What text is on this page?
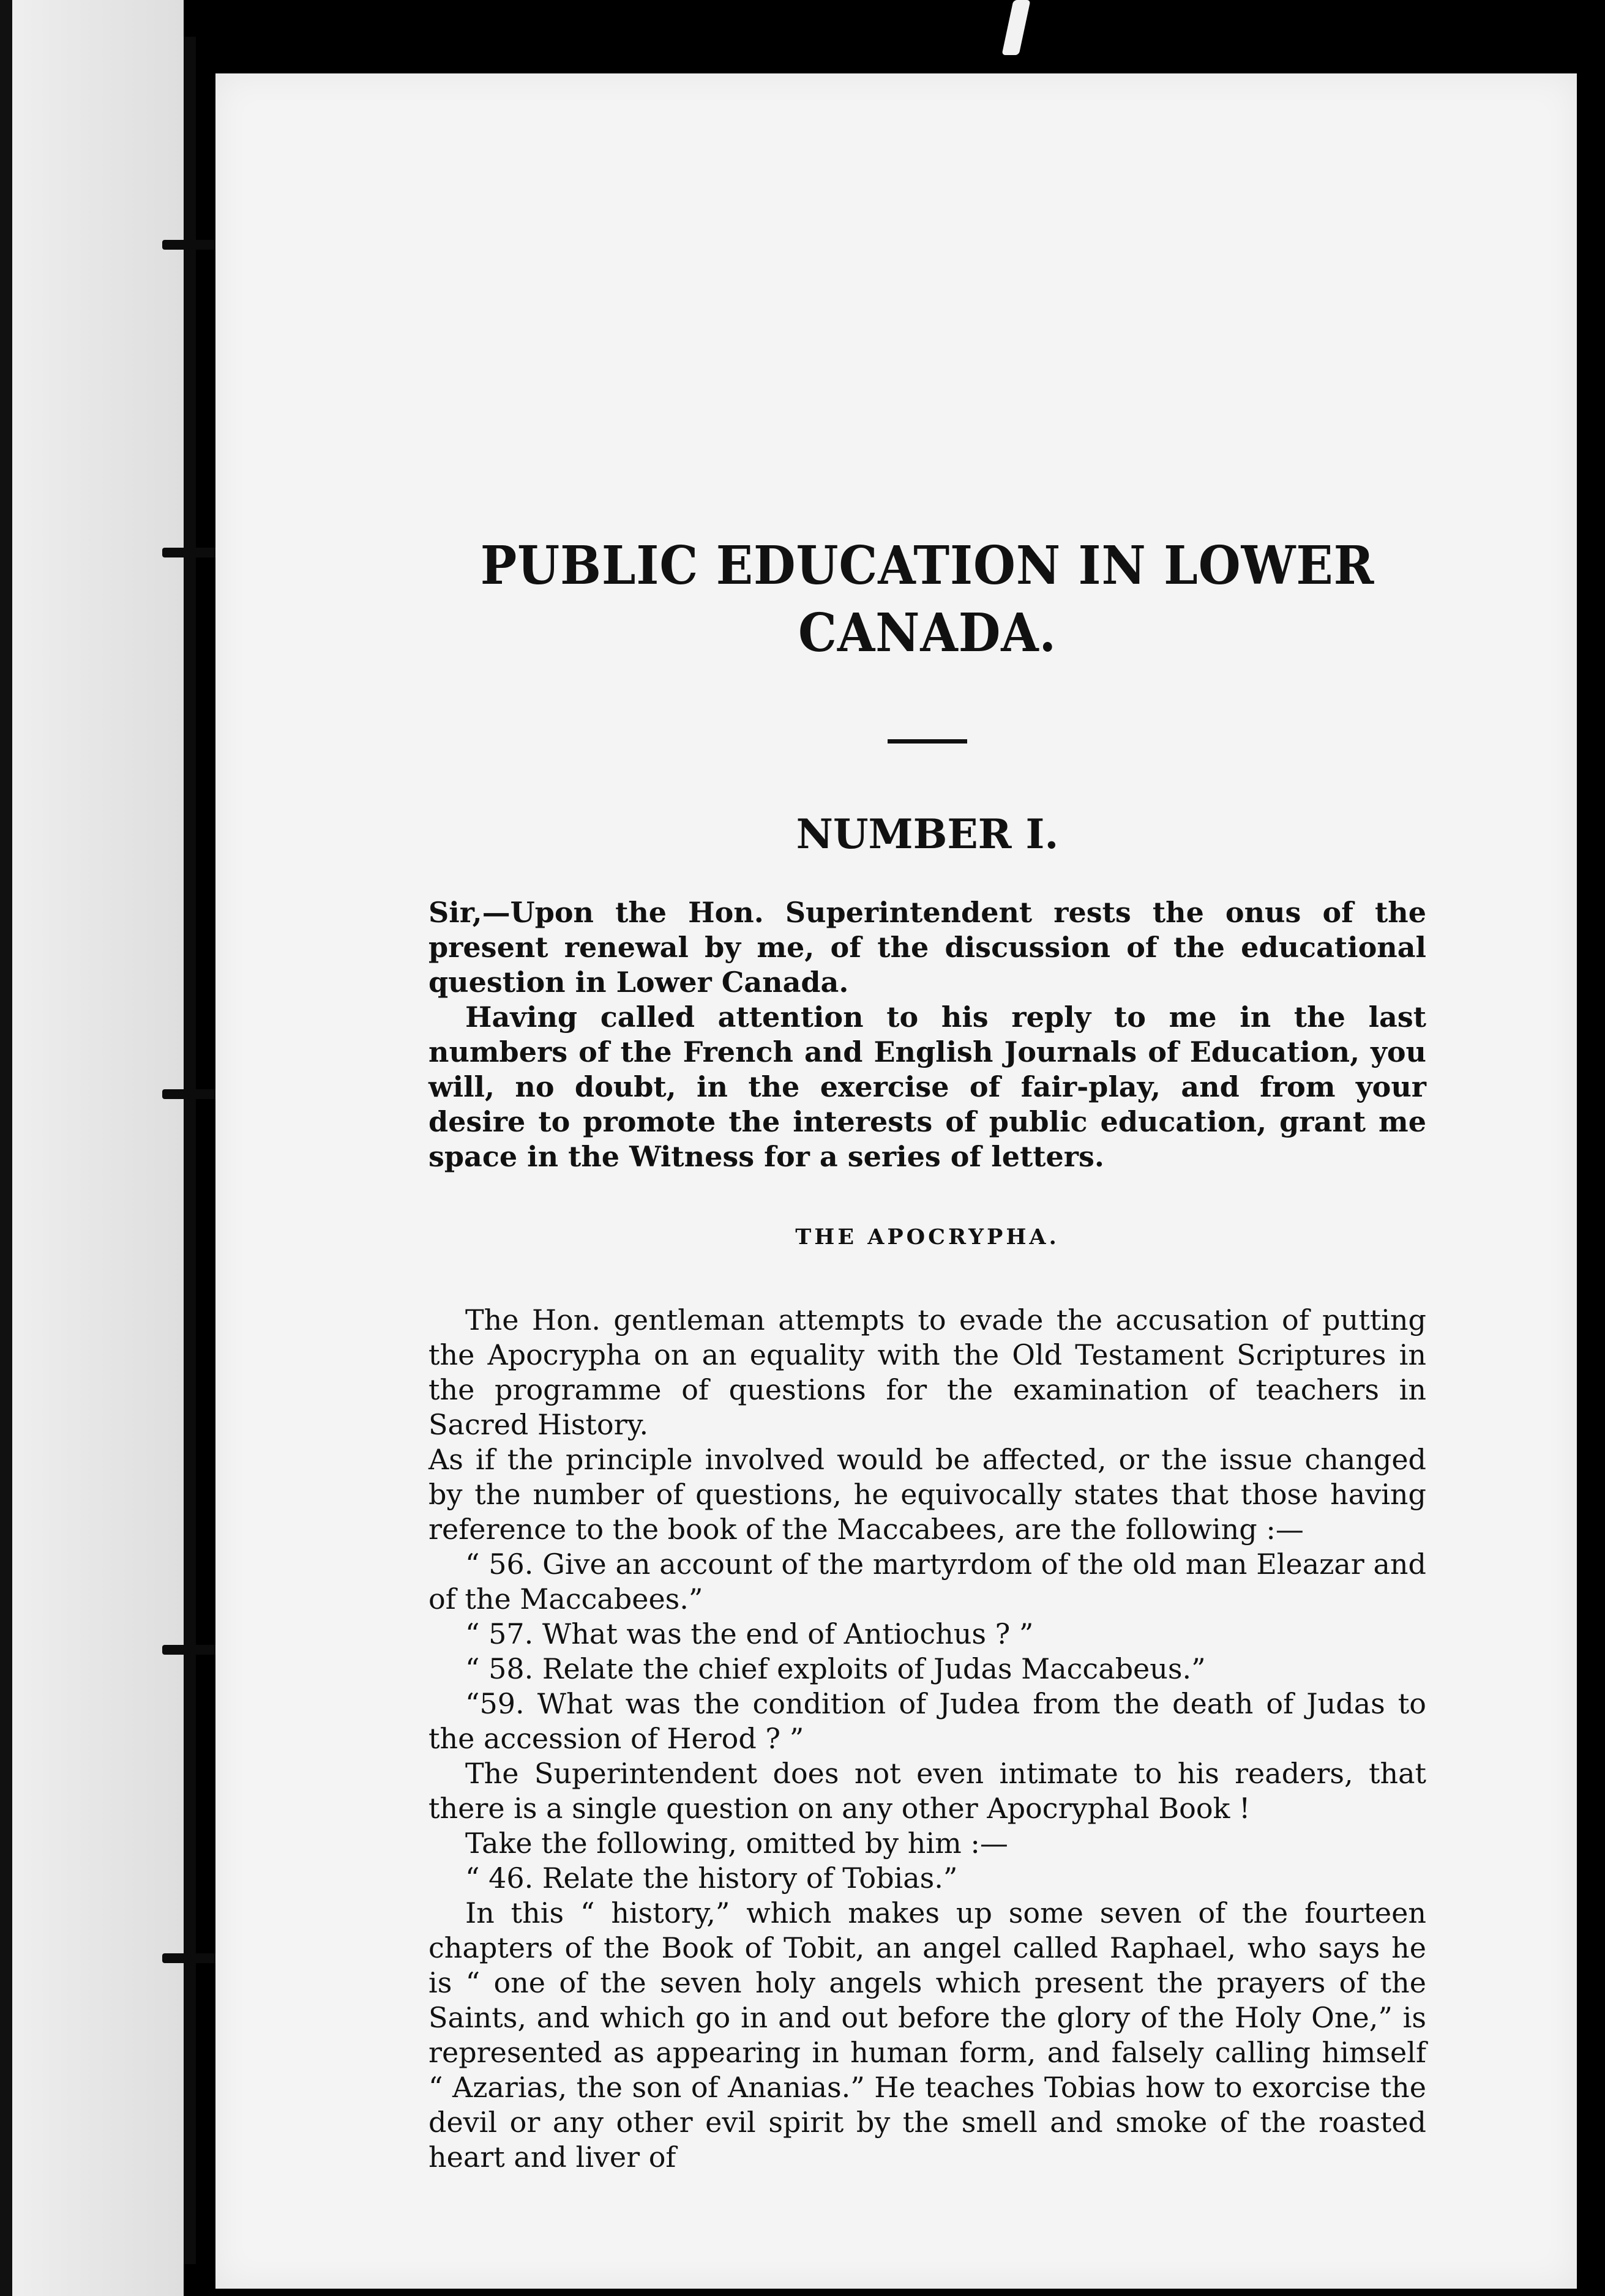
PUBLIC EDUCATION IN LOWER CANADA.
NUMBER I.

Sir,—Upon the Hon. Superintendent rests the onus of the present renewal by me, of the discussion of the educational question in Lower Canada.

Having called attention to his reply to me in the last numbers of the French and English Journals of Education, you will, no doubt, in the exercise of fair-play, and from your desire to promote the interests of public education, grant me space in the Witness for a series of letters.

THE APOCRYPHA.

The Hon. gentleman attempts to evade the accusation of putting the Apocrypha on an equality with the Old Testament Scriptures in the programme of questions for the examination of teachers in Sacred History.

As if the principle involved would be affected, or the issue changed by the number of questions, he equivocally states that those having reference to the book of the Maccabees, are the following :—

“ 56. Give an account of the martyrdom of the old man Eleazar and of the Maccabees.”

“ 57. What was the end of Antiochus ? ”

“ 58. Relate the chief exploits of Judas Maccabeus.”

“59. What was the condition of Judea from the death of Judas to the accession of Herod ? ”

The Superintendent does not even intimate to his readers, that there is a single question on any other Apocryphal Book !

Take the following, omitted by him :—

“ 46. Relate the history of Tobias.”

In this “ history,” which makes up some seven of the fourteen chapters of the Book of Tobit, an angel called Raphael, who says he is “ one of the seven holy angels which present the prayers of the Saints, and which go in and out before the glory of the Holy One,” is represented as appearing in human form, and falsely calling himself “ Azarias, the son of Ananias.” He teaches Tobias how to exorcise the devil or any other evil spirit by the smell and smoke of the roasted heart and liver of
